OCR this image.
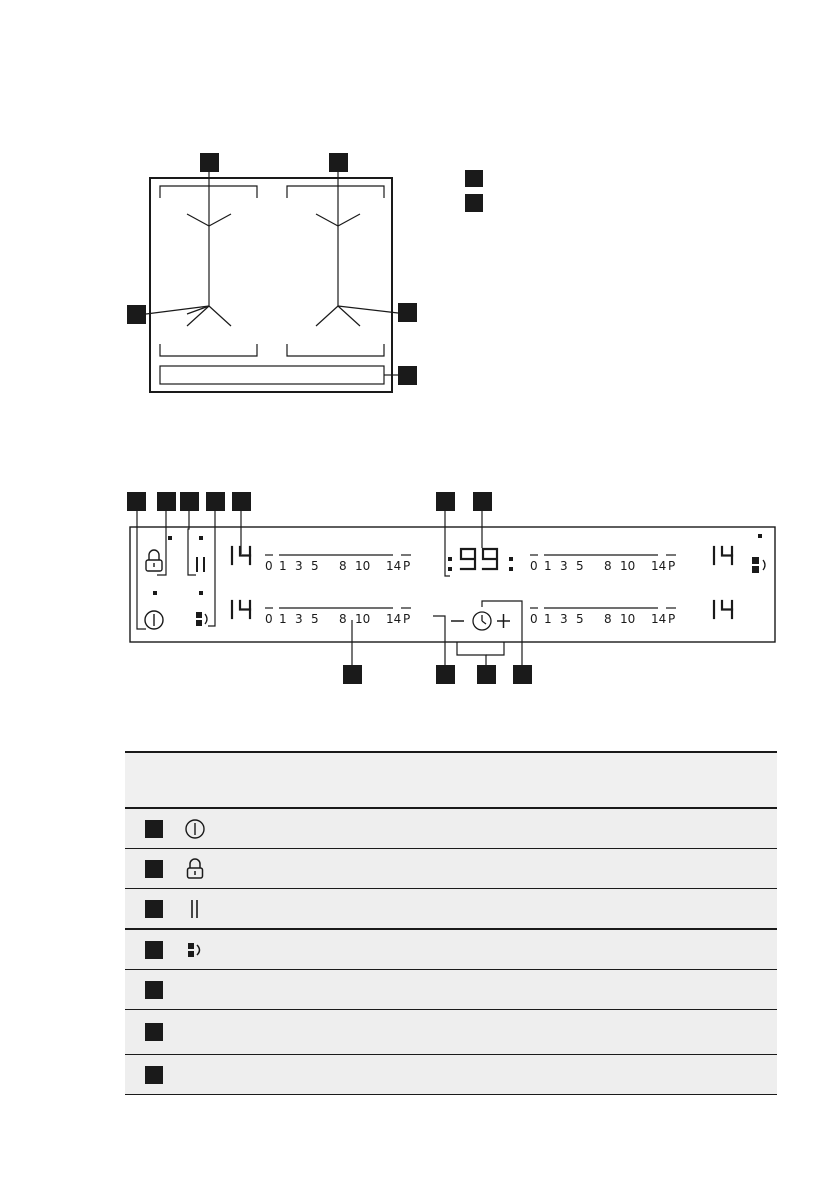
0 1 3 5 8 10 14 P
0 1 3 5 8 10 14 P
0 1 3 5 8 10 14 P
0 1 3 5 8 10 14 P
